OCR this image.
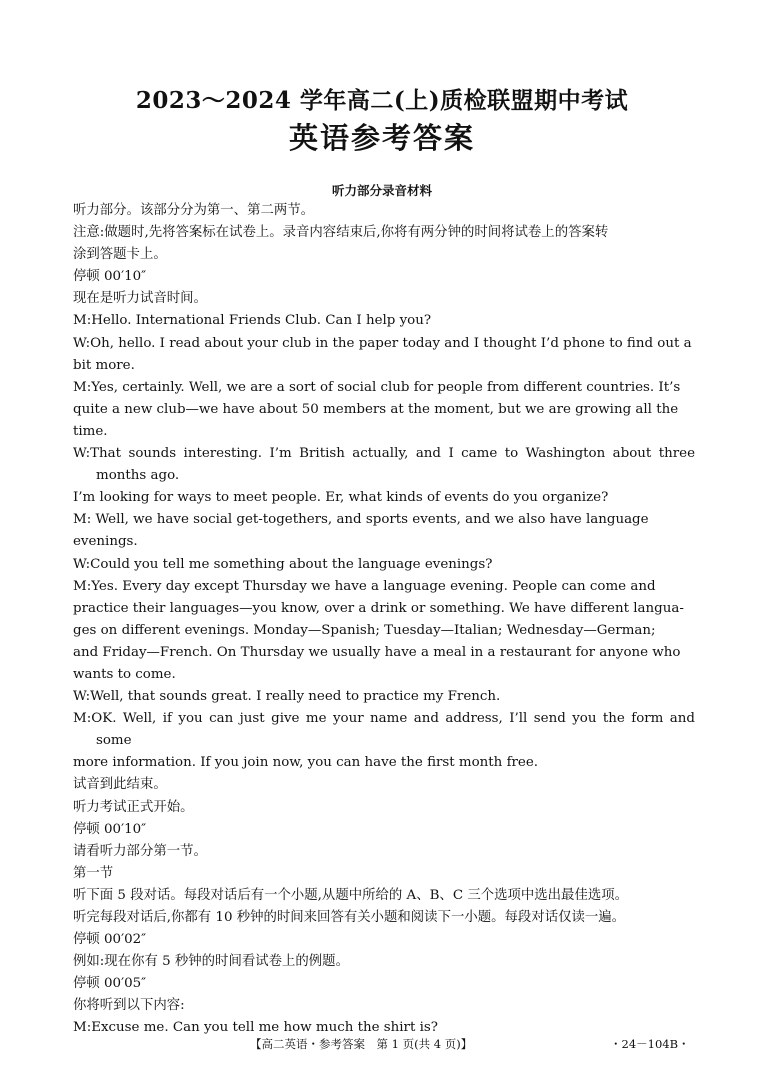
2023～2024 学年高二(上)质检联盟期中考试
英语参考答案
听力部分录音材料

听力部分。该部分分为第一、第二两节。

注意:做题时,先将答案标在试卷上。录音内容结束后,你将有两分钟的时间将试卷上的答案转

涂到答题卡上。

停顿 00′10″

现在是听力试音时间。

M:Hello. International Friends Club. Can I help you?
W:Oh, hello. I read about your club in the paper today and I thought I’d phone to find out a
bit more.
M:Yes, certainly. Well, we are a sort of social club for people from different countries. It’s
quite a new club—we have about 50 members at the moment, but we are growing all the
time.
W:That sounds interesting. I’m British actually, and I came to Washington about three months ago.
I’m looking for ways to meet people. Er, what kinds of events do you organize?
M: Well, we have social get-togethers, and sports events, and we also have language
evenings.
W:Could you tell me something about the language evenings?
M:Yes. Every day except Thursday we have a language evening. People can come and
practice their languages—you know, over a drink or something. We have different langua-
ges on different evenings. Monday—Spanish; Tuesday—Italian; Wednesday—German;
and Friday—French. On Thursday we usually have a meal in a restaurant for anyone who
wants to come.
W:Well, that sounds great. I really need to practice my French.
M:OK. Well, if you can just give me your name and address, I’ll send you the form and some
more information. If you join now, you can have the first month free.

试音到此结束。

听力考试正式开始。

停顿 00′10″

请看听力部分第一节。

第一节

听下面 5 段对话。每段对话后有一个小题,从题中所给的 A、B、C 三个选项中选出最佳选项。

听完每段对话后,你都有 10 秒钟的时间来回答有关小题和阅读下一小题。每段对话仅读一遍。

停顿 00′02″

例如:现在你有 5 秒钟的时间看试卷上的例题。

停顿 00′05″

你将听到以下内容:

M:Excuse me. Can you tell me how much the shirt is?

【高二英语・参考答案　第 1 页(共 4 页)】	・24－104B・
